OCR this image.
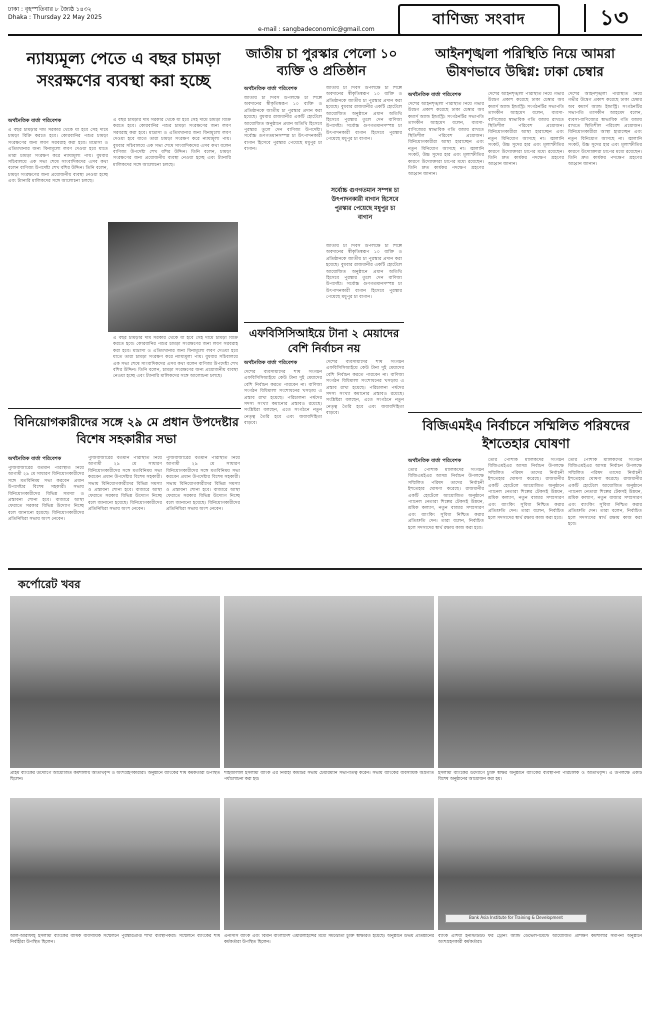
ঢাকা : বৃহস্পতিবার ৮ জ্যৈষ্ঠ ১৪৩২
Dhaka : Thursday 22 May 2025
e-mail : sangbadeconomic@gmail.com
বাণিজ্য সংবাদ	১৩
ন্যায্যমূল্য পেতে এ বছর চামড়া সংরক্ষণের ব্যবস্থা করা হচ্ছে
অর্থনৈতিক বার্তা পরিবেশক
এ বছর চামড়ার দাম সরকার থেকে যা হবে সেই দামে চামড়া বিক্রি করতে হবে। কোরবানির পশুর চামড়া সংরক্ষণের জন্য লবণ সরবরাহ করা হবে। মাদ্রাসা ও এতিমখানার জন্য বিনামূল্যে লবণ দেওয়া হবে যাতে তারা চামড়া সংরক্ষণ করে ন্যায্যমূল্য পায়। বুধবার সচিবালয়ে এক সভা শেষে সাংবাদিকদের এসব কথা বলেন বাণিজ্য উপদেষ্টা শেখ বশির উদ্দিন। তিনি বলেন, চামড়া সংরক্ষণের জন্য প্রয়োজনীয় ব্যবস্থা নেওয়া হচ্ছে এবং ট্যানারি মালিকদের সঙ্গে আলোচনা চলছে।
এ বছর চামড়ার দাম সরকার থেকে যা হবে সেই দামে চামড়া বিক্রি করতে হবে। কোরবানির পশুর চামড়া সংরক্ষণের জন্য লবণ সরবরাহ করা হবে। মাদ্রাসা ও এতিমখানার জন্য বিনামূল্যে লবণ দেওয়া হবে যাতে তারা চামড়া সংরক্ষণ করে ন্যায্যমূল্য পায়। বুধবার সচিবালয়ে এক সভা শেষে সাংবাদিকদের এসব কথা বলেন বাণিজ্য উপদেষ্টা শেখ বশির উদ্দিন। তিনি বলেন, চামড়া সংরক্ষণের জন্য প্রয়োজনীয় ব্যবস্থা নেওয়া হচ্ছে এবং ট্যানারি মালিকদের সঙ্গে আলোচনা চলছে।
এ বছর চামড়ার দাম সরকার থেকে যা হবে সেই দামে চামড়া বিক্রি করতে হবে। কোরবানির পশুর চামড়া সংরক্ষণের জন্য লবণ সরবরাহ করা হবে। মাদ্রাসা ও এতিমখানার জন্য বিনামূল্যে লবণ দেওয়া হবে যাতে তারা চামড়া সংরক্ষণ করে ন্যায্যমূল্য পায়। বুধবার সচিবালয়ে এক সভা শেষে সাংবাদিকদের এসব কথা বলেন বাণিজ্য উপদেষ্টা শেখ বশির উদ্দিন। তিনি বলেন, চামড়া সংরক্ষণের জন্য প্রয়োজনীয় ব্যবস্থা নেওয়া হচ্ছে এবং ট্যানারি মালিকদের সঙ্গে আলোচনা চলছে।
জাতীয় চা পুরস্কার পেলো ১০ ব্যক্তি ও প্রতিষ্ঠান
অর্থনৈতিক বার্তা পরিবেশক
জাতীয় চা দিবস উপলক্ষে চা শিল্পে অবদানের স্বীকৃতিস্বরূপ ১০ ব্যক্তি ও প্রতিষ্ঠানকে জাতীয় চা পুরস্কার প্রদান করা হয়েছে। বুধবার রাজধানীর একটি হোটেলে আয়োজিত অনুষ্ঠানে প্রধান অতিথি হিসেবে পুরস্কার তুলে দেন বাণিজ্য উপদেষ্টা। সর্বোচ্চ গুণগতমানসম্পন্ন চা উৎপাদনকারী বাগান হিসেবে পুরস্কার পেয়েছে মধুপুর চা বাগান।
জাতীয় চা দিবস উপলক্ষে চা শিল্পে অবদানের স্বীকৃতিস্বরূপ ১০ ব্যক্তি ও প্রতিষ্ঠানকে জাতীয় চা পুরস্কার প্রদান করা হয়েছে। বুধবার রাজধানীর একটি হোটেলে আয়োজিত অনুষ্ঠানে প্রধান অতিথি হিসেবে পুরস্কার তুলে দেন বাণিজ্য উপদেষ্টা। সর্বোচ্চ গুণগতমানসম্পন্ন চা উৎপাদনকারী বাগান হিসেবে পুরস্কার পেয়েছে মধুপুর চা বাগান।
সর্বোচ্চ গুণগতমান সম্পন্ন চা উৎপাদনকারী বাগান হিসেবে পুরস্কার পেয়েছে মধুপুর চা বাগান
জাতীয় চা দিবস উপলক্ষে চা শিল্পে অবদানের স্বীকৃতিস্বরূপ ১০ ব্যক্তি ও প্রতিষ্ঠানকে জাতীয় চা পুরস্কার প্রদান করা হয়েছে। বুধবার রাজধানীর একটি হোটেলে আয়োজিত অনুষ্ঠানে প্রধান অতিথি হিসেবে পুরস্কার তুলে দেন বাণিজ্য উপদেষ্টা। সর্বোচ্চ গুণগতমানসম্পন্ন চা উৎপাদনকারী বাগান হিসেবে পুরস্কার পেয়েছে মধুপুর চা বাগান।
এফবিসিসিআইয়ে টানা ২ মেয়াদের বেশি নির্বাচন নয়
অর্থনৈতিক বার্তা পরিবেশক
দেশের ব্যবসায়ীদের শীর্ষ সংগঠন এফবিসিসিআইয়ে কেউ টানা দুই মেয়াদের বেশি নির্বাচন করতে পারবেন না। বাণিজ্য সংগঠন বিধিমালা সংশোধনের খসড়ায় এ প্রস্তাব রাখা হয়েছে। পরিচালনা পর্ষদের সদস্য সংখ্যা কমানোর প্রস্তাবও রয়েছে। সংশ্লিষ্টরা বলছেন, এতে সংগঠনে নতুন নেতৃত্ব তৈরি হবে এবং জবাবদিহিতা বাড়বে।
দেশের ব্যবসায়ীদের শীর্ষ সংগঠন এফবিসিসিআইয়ে কেউ টানা দুই মেয়াদের বেশি নির্বাচন করতে পারবেন না। বাণিজ্য সংগঠন বিধিমালা সংশোধনের খসড়ায় এ প্রস্তাব রাখা হয়েছে। পরিচালনা পর্ষদের সদস্য সংখ্যা কমানোর প্রস্তাবও রয়েছে। সংশ্লিষ্টরা বলছেন, এতে সংগঠনে নতুন নেতৃত্ব তৈরি হবে এবং জবাবদিহিতা বাড়বে।
আইনশৃঙ্খলা পরিস্থিতি নিয়ে আমরা ভীষণভাবে উদ্বিগ্ন: ঢাকা চেম্বার
অর্থনৈতিক বার্তা পরিবেশক
দেশের আইনশৃঙ্খলা পরিস্থিতি নিয়ে গভীর উদ্বেগ প্রকাশ করেছে ঢাকা চেম্বার অব কমার্স অ্যান্ড ইন্ডাস্ট্রি। সংগঠনটির সভাপতি তাসকীন আহমেদ বলেন, ব্যবসা-বাণিজ্যের স্বাভাবিক গতি বজায় রাখতে স্থিতিশীল পরিবেশ প্রয়োজন। বিনিয়োগকারীরা আস্থা হারাচ্ছেন এবং নতুন বিনিয়োগ আসছে না। জ্বালানি সংকট, উচ্চ সুদের হার এবং মূল্যস্ফীতির কারণে উদ্যোক্তারা চাপের মধ্যে রয়েছেন। তিনি দ্রুত কার্যকর পদক্ষেপ গ্রহণের আহ্বান জানান।
দেশের আইনশৃঙ্খলা পরিস্থিতি নিয়ে গভীর উদ্বেগ প্রকাশ করেছে ঢাকা চেম্বার অব কমার্স অ্যান্ড ইন্ডাস্ট্রি। সংগঠনটির সভাপতি তাসকীন আহমেদ বলেন, ব্যবসা-বাণিজ্যের স্বাভাবিক গতি বজায় রাখতে স্থিতিশীল পরিবেশ প্রয়োজন। বিনিয়োগকারীরা আস্থা হারাচ্ছেন এবং নতুন বিনিয়োগ আসছে না। জ্বালানি সংকট, উচ্চ সুদের হার এবং মূল্যস্ফীতির কারণে উদ্যোক্তারা চাপের মধ্যে রয়েছেন। তিনি দ্রুত কার্যকর পদক্ষেপ গ্রহণের আহ্বান জানান।
দেশের আইনশৃঙ্খলা পরিস্থিতি নিয়ে গভীর উদ্বেগ প্রকাশ করেছে ঢাকা চেম্বার অব কমার্স অ্যান্ড ইন্ডাস্ট্রি। সংগঠনটির সভাপতি তাসকীন আহমেদ বলেন, ব্যবসা-বাণিজ্যের স্বাভাবিক গতি বজায় রাখতে স্থিতিশীল পরিবেশ প্রয়োজন। বিনিয়োগকারীরা আস্থা হারাচ্ছেন এবং নতুন বিনিয়োগ আসছে না। জ্বালানি সংকট, উচ্চ সুদের হার এবং মূল্যস্ফীতির কারণে উদ্যোক্তারা চাপের মধ্যে রয়েছেন। তিনি দ্রুত কার্যকর পদক্ষেপ গ্রহণের আহ্বান জানান।
বিজিএমইএ নির্বাচনে সম্মিলিত পরিষদের ইশতেহার ঘোষণা
অর্থনৈতিক বার্তা পরিবেশক
তৈরি পোশাক মালিকদের সংগঠন বিজিএমইএর আসন্ন নির্বাচন উপলক্ষে সম্মিলিত পরিষদ তাদের নির্বাচনী ইশতেহার ঘোষণা করেছে। রাজধানীর একটি হোটেলে আয়োজিত অনুষ্ঠানে প্যানেল নেতারা শিল্পের টেকসই উন্নয়ন, শ্রমিক কল্যাণ, নতুন বাজার সম্প্রসারণ এবং ব্যাংকিং সুবিধা নিশ্চিত করার প্রতিশ্রুতি দেন। তারা বলেন, নির্বাচিত হলে সদস্যদের স্বার্থ রক্ষায় কাজ করা হবে।
তৈরি পোশাক মালিকদের সংগঠন বিজিএমইএর আসন্ন নির্বাচন উপলক্ষে সম্মিলিত পরিষদ তাদের নির্বাচনী ইশতেহার ঘোষণা করেছে। রাজধানীর একটি হোটেলে আয়োজিত অনুষ্ঠানে প্যানেল নেতারা শিল্পের টেকসই উন্নয়ন, শ্রমিক কল্যাণ, নতুন বাজার সম্প্রসারণ এবং ব্যাংকিং সুবিধা নিশ্চিত করার প্রতিশ্রুতি দেন। তারা বলেন, নির্বাচিত হলে সদস্যদের স্বার্থ রক্ষায় কাজ করা হবে।
তৈরি পোশাক মালিকদের সংগঠন বিজিএমইএর আসন্ন নির্বাচন উপলক্ষে সম্মিলিত পরিষদ তাদের নির্বাচনী ইশতেহার ঘোষণা করেছে। রাজধানীর একটি হোটেলে আয়োজিত অনুষ্ঠানে প্যানেল নেতারা শিল্পের টেকসই উন্নয়ন, শ্রমিক কল্যাণ, নতুন বাজার সম্প্রসারণ এবং ব্যাংকিং সুবিধা নিশ্চিত করার প্রতিশ্রুতি দেন। তারা বলেন, নির্বাচিত হলে সদস্যদের স্বার্থ রক্ষায় কাজ করা হবে।
বিনিয়োগকারীদের সঙ্গে ২৯ মে প্রধান উপদেষ্টার বিশেষ সহকারীর সভা
অর্থনৈতিক বার্তা পরিবেশক
পুঁজিবাজারের বর্তমান পরিস্থিতি নিয়ে আগামী ২৯ মে সাধারণ বিনিয়োগকারীদের সঙ্গে মতবিনিময় সভা করবেন প্রধান উপদেষ্টার বিশেষ সহকারী। সভায় বিনিয়োগকারীদের বিভিন্ন সমস্যা ও প্রস্তাবনা শোনা হবে। বাজারে আস্থা ফেরাতে সরকার বিভিন্ন উদ্যোগ নিচ্ছে বলে জানানো হয়েছে। বিনিয়োগকারীদের প্রতিনিধিরা সভায় অংশ নেবেন।
পুঁজিবাজারের বর্তমান পরিস্থিতি নিয়ে আগামী ২৯ মে সাধারণ বিনিয়োগকারীদের সঙ্গে মতবিনিময় সভা করবেন প্রধান উপদেষ্টার বিশেষ সহকারী। সভায় বিনিয়োগকারীদের বিভিন্ন সমস্যা ও প্রস্তাবনা শোনা হবে। বাজারে আস্থা ফেরাতে সরকার বিভিন্ন উদ্যোগ নিচ্ছে বলে জানানো হয়েছে। বিনিয়োগকারীদের প্রতিনিধিরা সভায় অংশ নেবেন।
পুঁজিবাজারের বর্তমান পরিস্থিতি নিয়ে আগামী ২৯ মে সাধারণ বিনিয়োগকারীদের সঙ্গে মতবিনিময় সভা করবেন প্রধান উপদেষ্টার বিশেষ সহকারী। সভায় বিনিয়োগকারীদের বিভিন্ন সমস্যা ও প্রস্তাবনা শোনা হবে। বাজারে আস্থা ফেরাতে সরকার বিভিন্ন উদ্যোগ নিচ্ছে বলে জানানো হয়েছে। বিনিয়োগকারীদের প্রতিনিধিরা সভায় অংশ নেবেন।
কর্পোরেট খবর
প্রাইম ব্যাংকের উদ্যোগে আয়োজিত কর্মশালায় অতিথিবৃন্দ ও অংশগ্রহণকারীরা। অনুষ্ঠানে ব্যাংকের শীর্ষ কর্মকর্তারা উপস্থিত ছিলেন।
শাহজালাল ইসলামী ব্যাংক এর নির্বাহী কমিটির সভায় চেয়ারম্যান সভাপতিত্ব করেন। সভায় ব্যাংকের ব্যবসায়িক অগ্রগতি পর্যালোচনা করা হয়।
ইসলামী ব্যাংকের উদ্যোগে চুক্তি স্বাক্ষর অনুষ্ঠানে ব্যাংকের ব্যবস্থাপনা পরিচালক ও অতিথিবৃন্দ। এ উপলক্ষে একটি বিশেষ অনুষ্ঠানের আয়োজন করা হয়।
Bank Asia Institute for Training & Development
আল-আরাফাহ্ ইসলামী ব্যাংকের বার্ষিক ব্যবসায়িক সম্মেলনে পুরস্কারপ্রাপ্ত শাখা ব্যবস্থাপকরা। সম্মেলনে ব্যাংকের শীর্ষ নির্বাহীরা উপস্থিত ছিলেন।
এনসিসি ব্যাংক এবং বিমান বাংলাদেশ এয়ারলাইন্সের মধ্যে সমঝোতা চুক্তি স্বাক্ষরিত হয়েছে। অনুষ্ঠানে উভয় প্রতিষ্ঠানের কর্মকর্তারা উপস্থিত ছিলেন।
ব্যাংক এশিয়া ইনস্টিটিউট ফর ট্রেনিং অ্যান্ড ডেভেলপমেন্টে আয়োজিত প্রশিক্ষণ কর্মশালার সমাপনী অনুষ্ঠানে অংশগ্রহণকারী কর্মকর্তারা।
